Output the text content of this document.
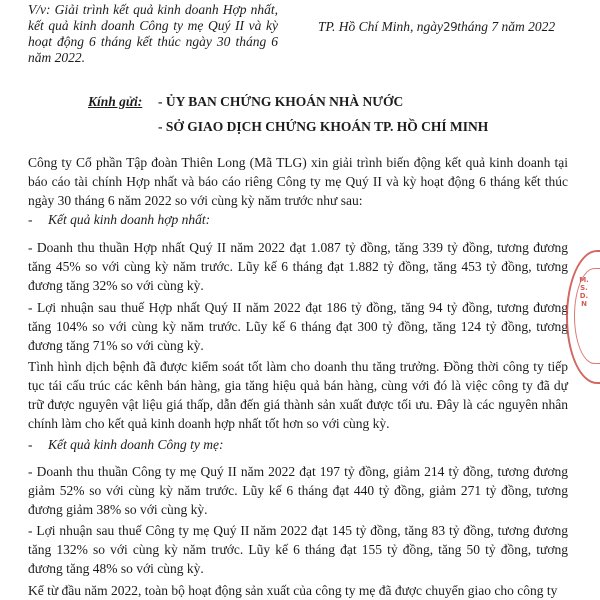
V/v: Giải trình kết quả kinh doanh Hợp nhất, kết quả kinh doanh Công ty mẹ Quý II và kỳ hoạt động 6 tháng kết thúc ngày 30 tháng 6 năm 2022.
TP. Hồ Chí Minh, ngày29tháng 7 năm 2022
Kính gửi: - ỦY BAN CHỨNG KHOÁN NHÀ NƯỚC
- SỞ GIAO DỊCH CHỨNG KHOÁN TP. HỒ CHÍ MINH

Công ty Cổ phần Tập đoàn Thiên Long (Mã TLG) xin giải trình biến động kết quả kinh doanh tại báo cáo tài chính Hợp nhất và báo cáo riêng Công ty mẹ Quý II và kỳ hoạt động 6 tháng kết thúc ngày 30 tháng 6 năm 2022 so với cùng kỳ năm trước như sau:

- Kết quả kinh doanh hợp nhất:

- Doanh thu thuần Hợp nhất Quý II năm 2022 đạt 1.087 tỷ đồng, tăng 339 tỷ đồng, tương đương tăng 45% so với cùng kỳ năm trước. Lũy kế 6 tháng đạt 1.882 tỷ đồng, tăng 453 tỷ đồng, tương đương tăng 32% so với cùng kỳ.

- Lợi nhuận sau thuế Hợp nhất Quý II năm 2022 đạt 186 tỷ đồng, tăng 94 tỷ đồng, tương đương tăng 104% so với cùng kỳ năm trước. Lũy kế 6 tháng đạt 300 tỷ đồng, tăng 124 tỷ đồng, tương đương tăng 71% so với cùng kỳ.

Tình hình dịch bệnh đã được kiểm soát tốt làm cho doanh thu tăng trưởng. Đồng thời công ty tiếp tục tái cấu trúc các kênh bán hàng, gia tăng hiệu quả bán hàng, cùng với đó là việc công ty đã dự trữ được nguyên vật liệu giá thấp, dẫn đến giá thành sản xuất được tối ưu. Đây là các nguyên nhân chính làm cho kết quả kinh doanh hợp nhất tốt hơn so với cùng kỳ.

- Kết quả kinh doanh Công ty mẹ:

- Doanh thu thuần Công ty mẹ Quý II năm 2022 đạt 197 tỷ đồng, giảm 214 tỷ đồng, tương đương giảm 52% so với cùng kỳ năm trước. Lũy kế 6 tháng đạt 440 tỷ đồng, giảm 271 tỷ đồng, tương đương giảm 38% so với cùng kỳ.

- Lợi nhuận sau thuế Công ty mẹ Quý II năm 2022 đạt 145 tỷ đồng, tăng 83 tỷ đồng, tương đương tăng 132% so với cùng kỳ năm trước. Lũy kế 6 tháng đạt 155 tỷ đồng, tăng 50 tỷ đồng, tương đương tăng 48% so với cùng kỳ.

Kể từ đầu năm 2022, toàn bộ hoạt động sản xuất của công ty mẹ đã được chuyển giao cho công ty

M.S.D.N
